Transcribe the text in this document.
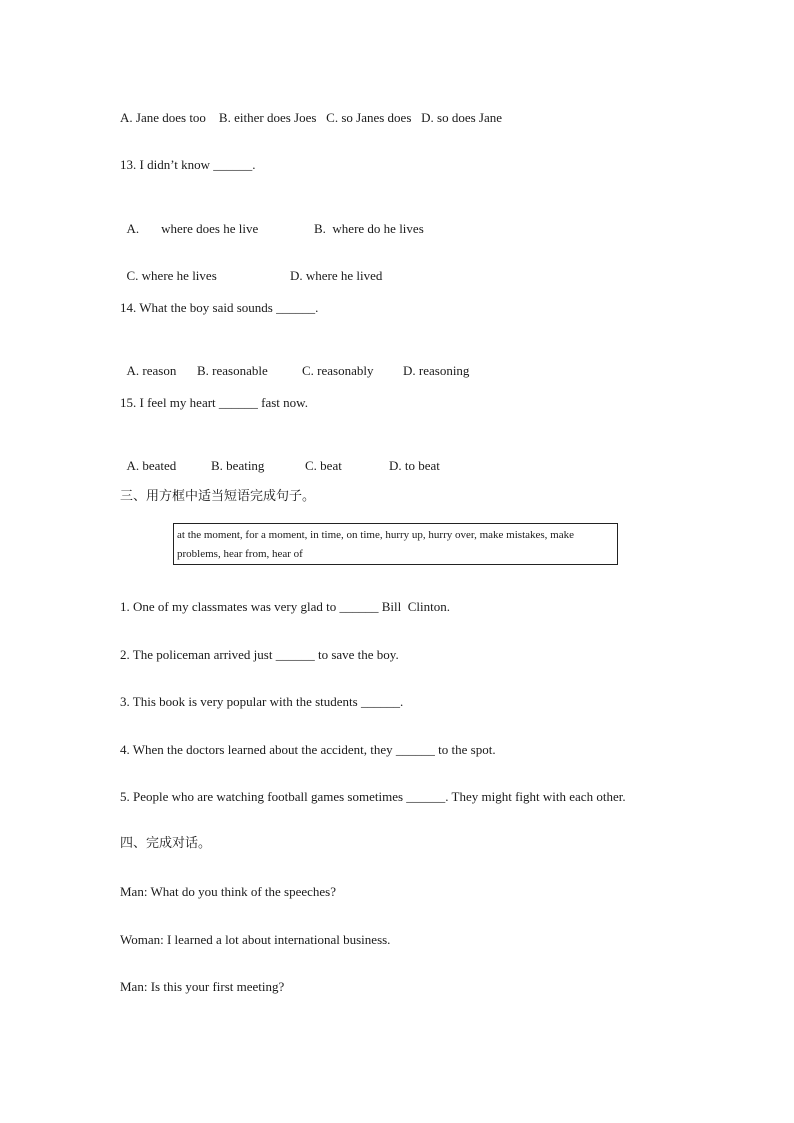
A. Jane does too    B. either does Joes   C. so Janes does   D. so does Jane
13. I didn’t know ______.

A. where does he live	B.  where do he lives

C. where he lives	D. where he lived

14. What the boy said sounds ______.

A. reason B. reasonable	C. reasonably D. reasoning

15. I feel my heart ______ fast now.

A. beated	B. beating	C. beat	D. to beat

三、用方框中适当短语完成句子。
at the moment, for a moment, in time, on time, hurry up, hurry over, make mistakes, make problems, hear from, hear of
1. One of my classmates was very glad to ______ Bill  Clinton.
2. The policeman arrived just ______ to save the boy.
3. This book is very popular with the students ______.
4. When the doctors learned about the accident, they ______ to the spot.
5. People who are watching football games sometimes ______. They might fight with each other.
四、完成对话。
Man: What do you think of the speeches?
Woman: I learned a lot about international business.
Man: Is this your first meeting?
